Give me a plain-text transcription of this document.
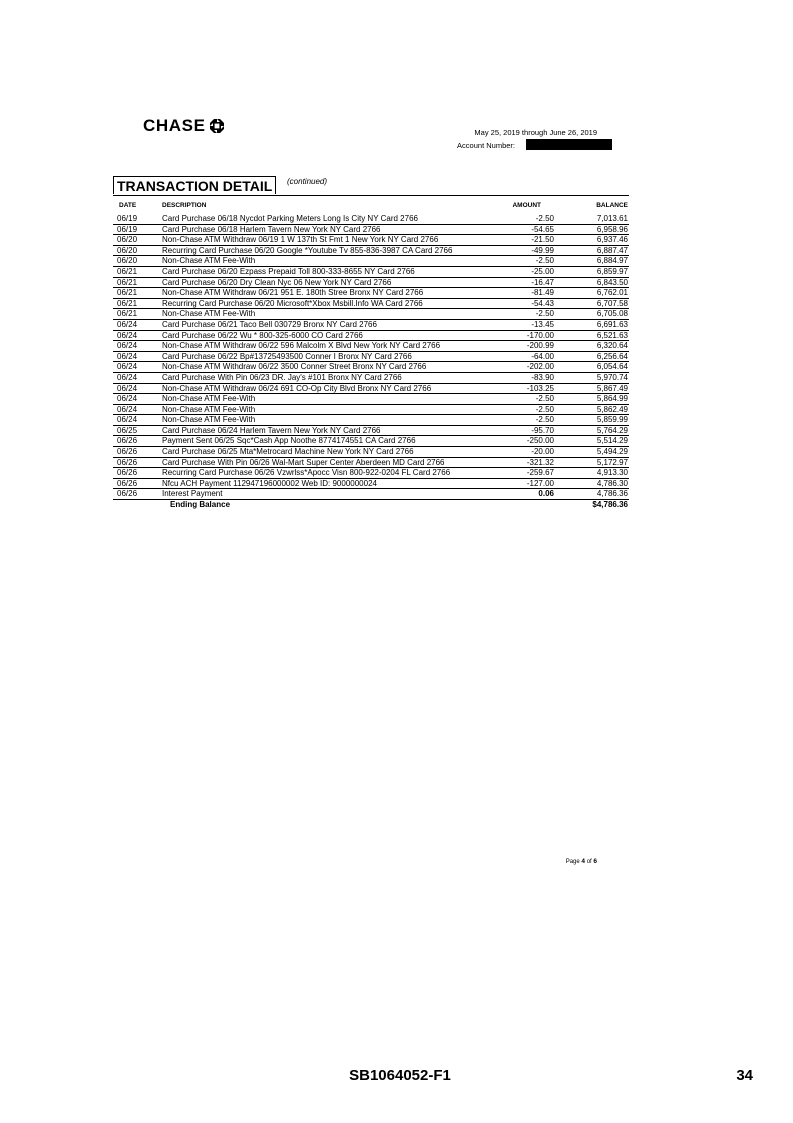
CHASE	May 25, 2019 through June 26, 2019
Account Number:
TRANSACTION DETAIL	(continued)
DATE	DESCRIPTION	AMOUNT	BALANCE
06/19	Card Purchase 06/18 Nycdot Parking Meters Long Is City NY Card 2766	-2.50	7,013.61
06/19	Card Purchase 06/18 Harlem Tavern New York NY Card 2766	-54.65	6,958.96
06/20	Non-Chase ATM Withdraw 06/19 1 W 137th St Fmt 1 New York NY Card 2766	-21.50	6,937.46
06/20	Recurring Card Purchase 06/20 Google *Youtube Tv 855-836-3987 CA Card 2766	-49.99	6,887.47
06/20	Non-Chase ATM Fee-With	-2.50	6,884.97
06/21	Card Purchase 06/20 Ezpass Prepaid Toll 800-333-8655 NY Card 2766	-25.00	6,859.97
06/21	Card Purchase 06/20 Dry Clean Nyc 06 New York NY Card 2766	-16.47	6,843.50
06/21	Non-Chase ATM Withdraw 06/21 951 E. 180th Stree Bronx NY Card 2766	-81.49	6,762.01
06/21	Recurring Card Purchase 06/20 Microsoft*Xbox Msbill.Info WA Card 2766	-54.43	6,707.58
06/21	Non-Chase ATM Fee-With	-2.50	6,705.08
06/24	Card Purchase 06/21 Taco Bell 030729 Bronx NY Card 2766	-13.45	6,691.63
06/24	Card Purchase 06/22 Wu * 800-325-6000 CO Card 2766	-170.00	6,521.63
06/24	Non-Chase ATM Withdraw 06/22 596 Malcolm X Blvd New York NY Card 2766	-200.99	6,320.64
06/24	Card Purchase 06/22 Bp#13725493500 Conner I Bronx NY Card 2766	-64.00	6,256.64
06/24	Non-Chase ATM Withdraw 06/22 3500 Conner Street Bronx NY Card 2766	-202.00	6,054.64
06/24	Card Purchase With Pin 06/23 DR. Jay's #101 Bronx NY Card 2766	-83.90	5,970.74
06/24	Non-Chase ATM Withdraw 06/24 691 CO-Op City Blvd Bronx NY Card 2766	-103.25	5,867.49
06/24	Non-Chase ATM Fee-With	-2.50	5,864.99
06/24	Non-Chase ATM Fee-With	-2.50	5,862.49
06/24	Non-Chase ATM Fee-With	-2.50	5,859.99
06/25	Card Purchase 06/24 Harlem Tavern New York NY Card 2766	-95.70	5,764.29
06/26	Payment Sent 06/25 Sqc*Cash App Noothe 8774174551 CA Card 2766	-250.00	5,514.29
06/26	Card Purchase 06/25 Mta*Metrocard Machine New York NY Card 2766	-20.00	5,494.29
06/26	Card Purchase With Pin 06/26 Wal-Mart Super Center Aberdeen MD Card 2766	-321.32	5,172.97
06/26	Recurring Card Purchase 06/26 Vzwrlss*Apocc Visn 800-922-0204 FL Card 2766	-259.67	4,913.30
06/26	Nfcu ACH Payment 112947196000002 Web ID: 9000000024	-127.00	4,786.30
06/26	Interest Payment	0.06	4,786.36
Ending Balance	$4,786.36
Page 4 of 6
SB1064052-F1	34
